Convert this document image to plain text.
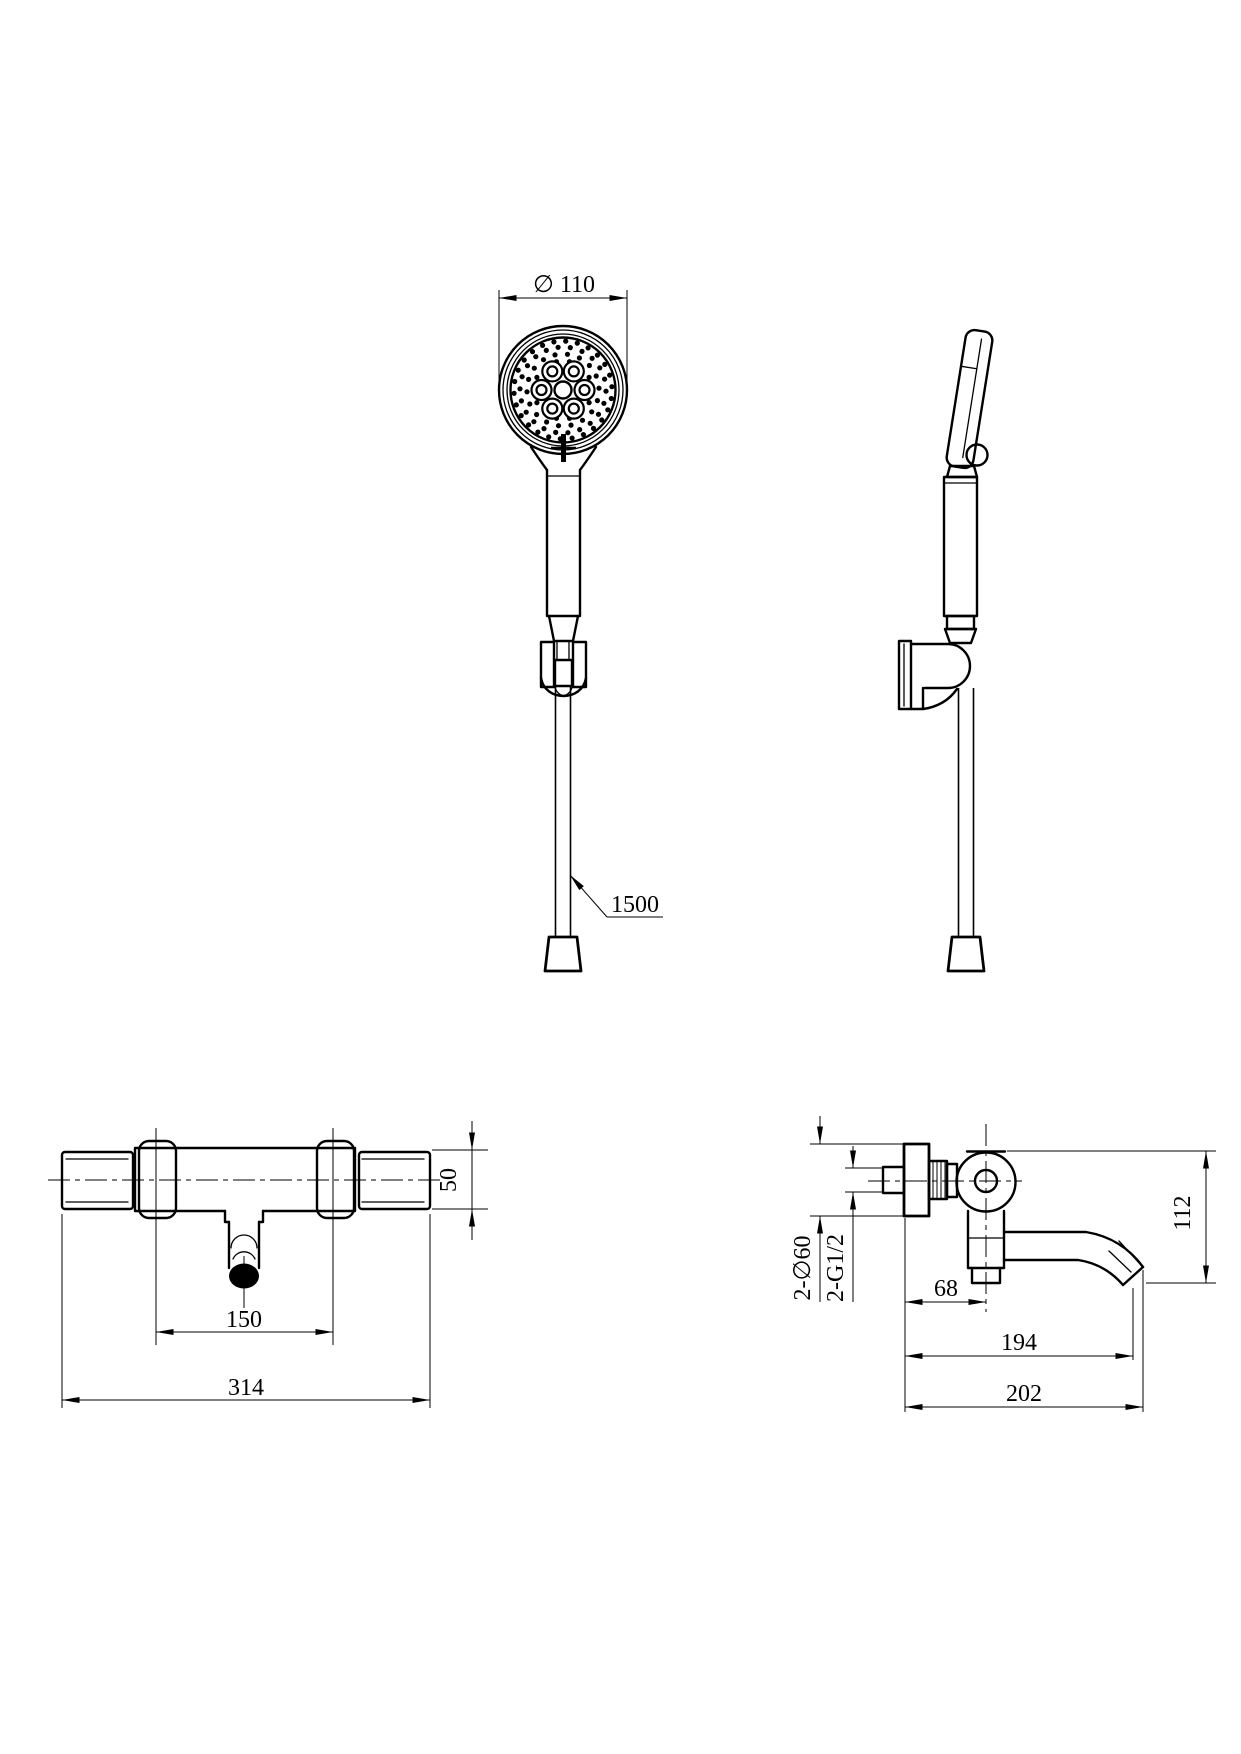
∅ 110
1500
150
314
50
112
2-∅60 2-G1/2	68
194
202
